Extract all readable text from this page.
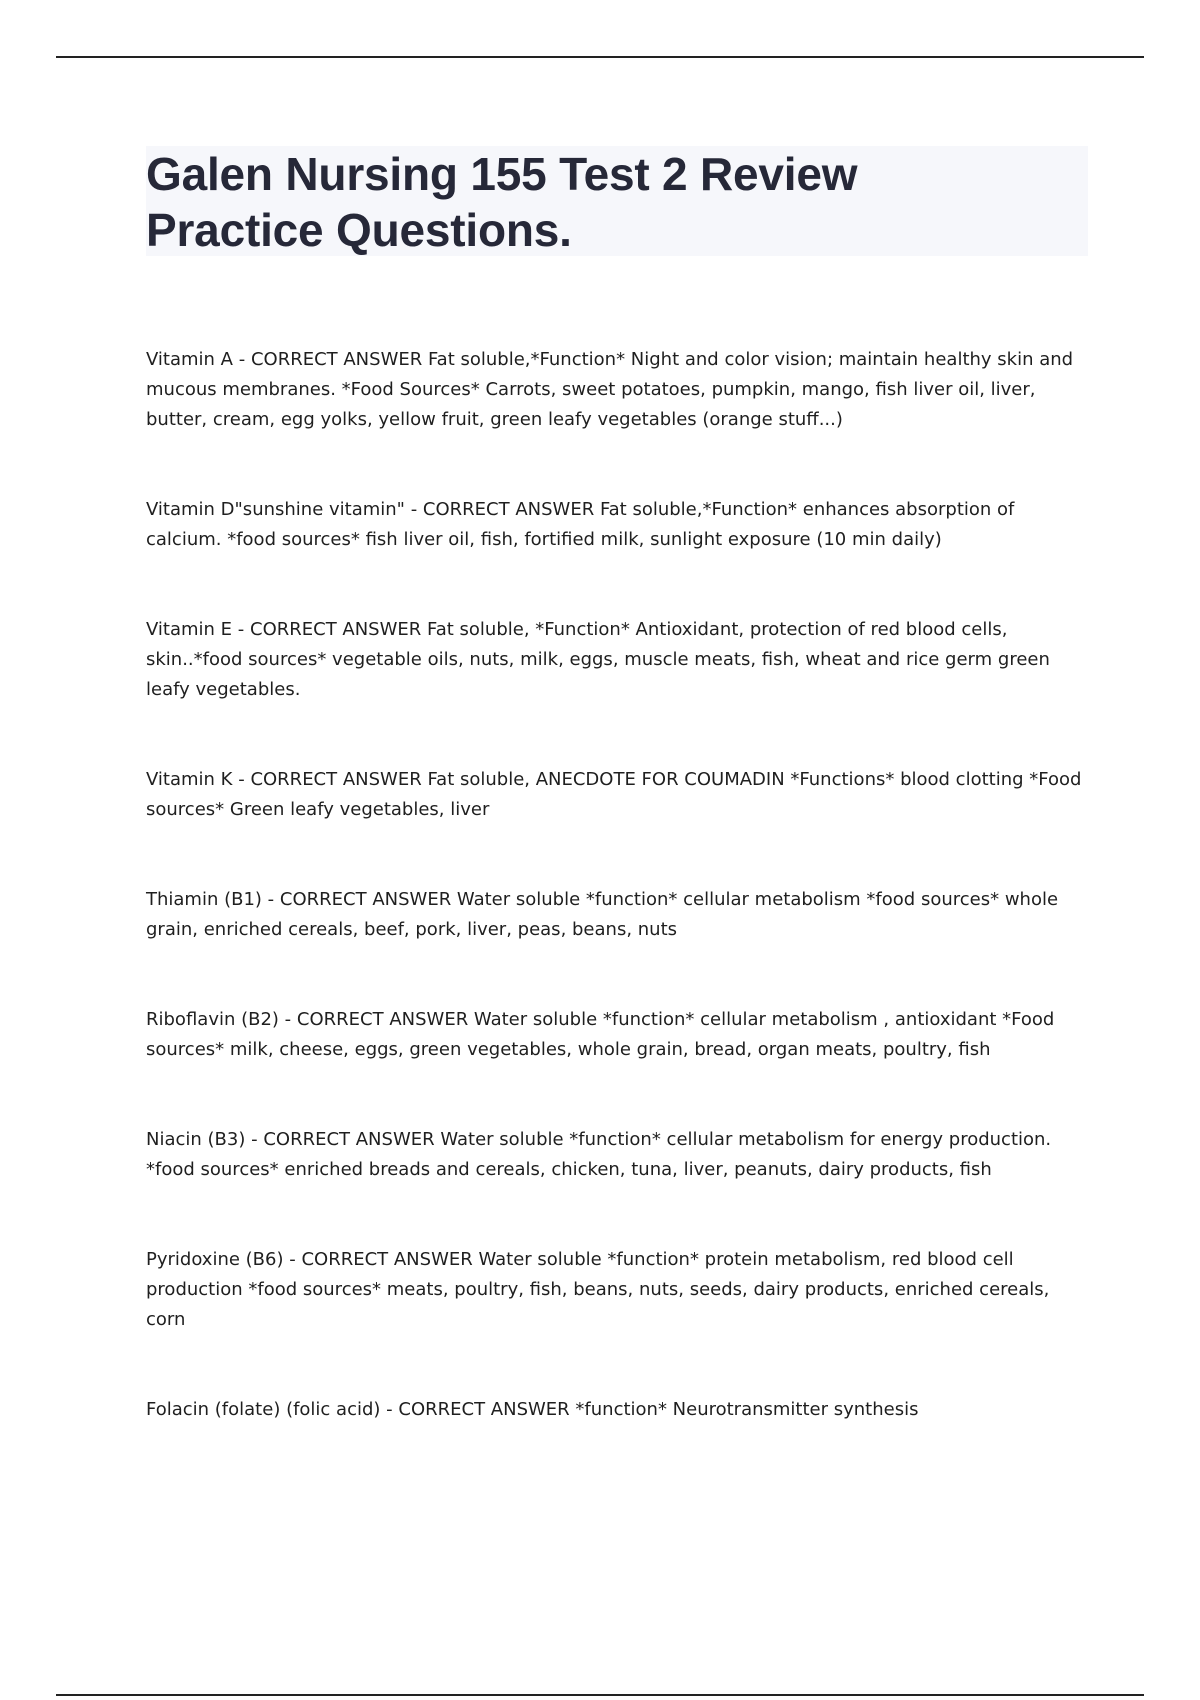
Galen Nursing 155 Test 2 Review
Practice Questions.

Vitamin A - CORRECT ANSWER Fat soluble,*Function* Night and color vision; maintain healthy skin and mucous membranes. *Food Sources* Carrots, sweet potatoes, pumpkin, mango, fish liver oil, liver, butter, cream, egg yolks, yellow fruit, green leafy vegetables (orange stuff...)

Vitamin D"sunshine vitamin" - CORRECT ANSWER Fat soluble,*Function* enhances absorption of calcium. *food sources* fish liver oil, fish, fortified milk, sunlight exposure (10 min daily)

Vitamin E - CORRECT ANSWER Fat soluble, *Function* Antioxidant, protection of red blood cells, skin..*food sources* vegetable oils, nuts, milk, eggs, muscle meats, fish, wheat and rice germ green leafy vegetables.

Vitamin K - CORRECT ANSWER Fat soluble, ANECDOTE FOR COUMADIN *Functions* blood clotting *Food sources* Green leafy vegetables, liver

Thiamin (B1) - CORRECT ANSWER Water soluble *function* cellular metabolism *food sources* whole grain, enriched cereals, beef, pork, liver, peas, beans, nuts

Riboflavin (B2) - CORRECT ANSWER Water soluble *function* cellular metabolism , antioxidant *Food sources* milk, cheese, eggs, green vegetables, whole grain, bread, organ meats, poultry, fish

Niacin (B3) - CORRECT ANSWER Water soluble *function* cellular metabolism for energy production. *food sources* enriched breads and cereals, chicken, tuna, liver, peanuts, dairy products, fish

Pyridoxine (B6) - CORRECT ANSWER Water soluble *function* protein metabolism, red blood cell production *food sources* meats, poultry, fish, beans, nuts, seeds, dairy products, enriched cereals, corn

Folacin (folate) (folic acid) - CORRECT ANSWER *function* Neurotransmitter synthesis
